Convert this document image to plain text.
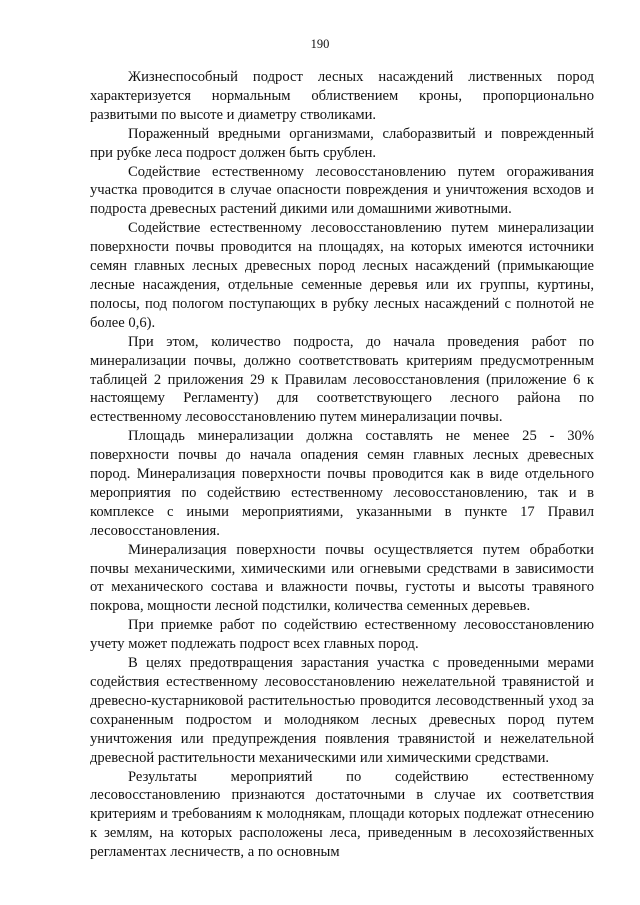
190

Жизнеспособный подрост лесных насаждений лиственных пород характеризуется нормальным облиствением кроны, пропорционально развитыми по высоте и диаметру стволиками.

Пораженный вредными организмами, слаборазвитый и поврежденный при рубке леса подрост должен быть срублен.

Содействие естественному лесовосстановлению путем огораживания участка проводится в случае опасности повреждения и уничтожения всходов и подроста древесных растений дикими или домашними животными.

Содействие естественному лесовосстановлению путем минерализации поверхности почвы проводится на площадях, на которых имеются источники семян главных лесных древесных пород лесных насаждений (примыкающие лесные насаждения, отдельные семенные деревья или их группы, куртины, полосы, под пологом поступающих в рубку лесных насаждений с полнотой не более 0,6).

При этом, количество подроста, до начала проведения работ по минерализации почвы, должно соответствовать критериям предусмотренным таблицей 2 приложения 29 к Правилам лесовосстановления (приложение 6 к настоящему Регламенту) для соответствующего лесного района по естественному лесовосстановлению путем минерализации почвы.

Площадь минерализации должна составлять не менее 25 - 30% поверхности почвы до начала опадения семян главных лесных древесных пород. Минерализация поверхности почвы проводится как в виде отдельного мероприятия по содействию естественному лесовосстановлению, так и в комплексе с иными мероприятиями, указанными в пункте 17 Правил лесовосстановления.

Минерализация поверхности почвы осуществляется путем обработки почвы механическими, химическими или огневыми средствами в зависимости от механического состава и влажности почвы, густоты и высоты травяного покрова, мощности лесной подстилки, количества семенных деревьев.

При приемке работ по содействию естественному лесовосстановлению учету может подлежать подрост всех главных пород.

В целях предотвращения зарастания участка с проведенными мерами содействия естественному лесовосстановлению нежелательной травянистой и древесно-кустарниковой растительностью проводится лесоводственный уход за сохраненным подростом и молодняком лесных древесных пород путем уничтожения или предупреждения появления травянистой и нежелательной древесной растительности механическими или химическими средствами.

Результаты мероприятий по содействию естественному лесовосстановлению признаются достаточными в случае их соответствия критериям и требованиям к молоднякам, площади которых подлежат отнесению к землям, на которых расположены леса, приведенным в лесохозяйственных регламентах лесничеств, а по основным
